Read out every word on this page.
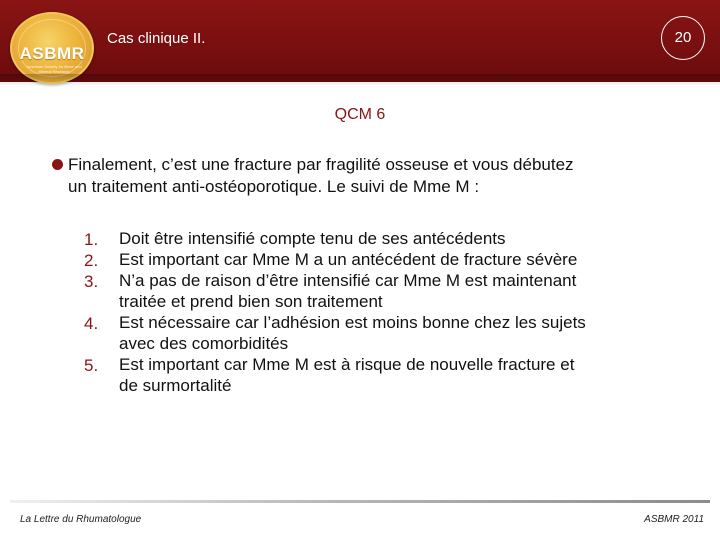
ASBMR
American Society for Bone and Mineral Research
Cas clinique II.	20
QCM 6
Finalement, c’est une fracture par fragilité osseuse et vous débutez
un traitement anti-ostéoporotique. Le suivi de Mme M :
1.	Doit être intensifié compte tenu de ses antécédents
2.	Est important car Mme M a un antécédent de fracture sévère
3.	N’a pas de raison d’être intensifié car Mme M est maintenant
traitée et prend bien son traitement
4.	Est nécessaire car l’adhésion est moins bonne chez les sujets
avec des comorbidités
5.	Est important car Mme M est à risque de nouvelle fracture et
de surmortalité
La Lettre du Rhumatologue	ASBMR 2011
